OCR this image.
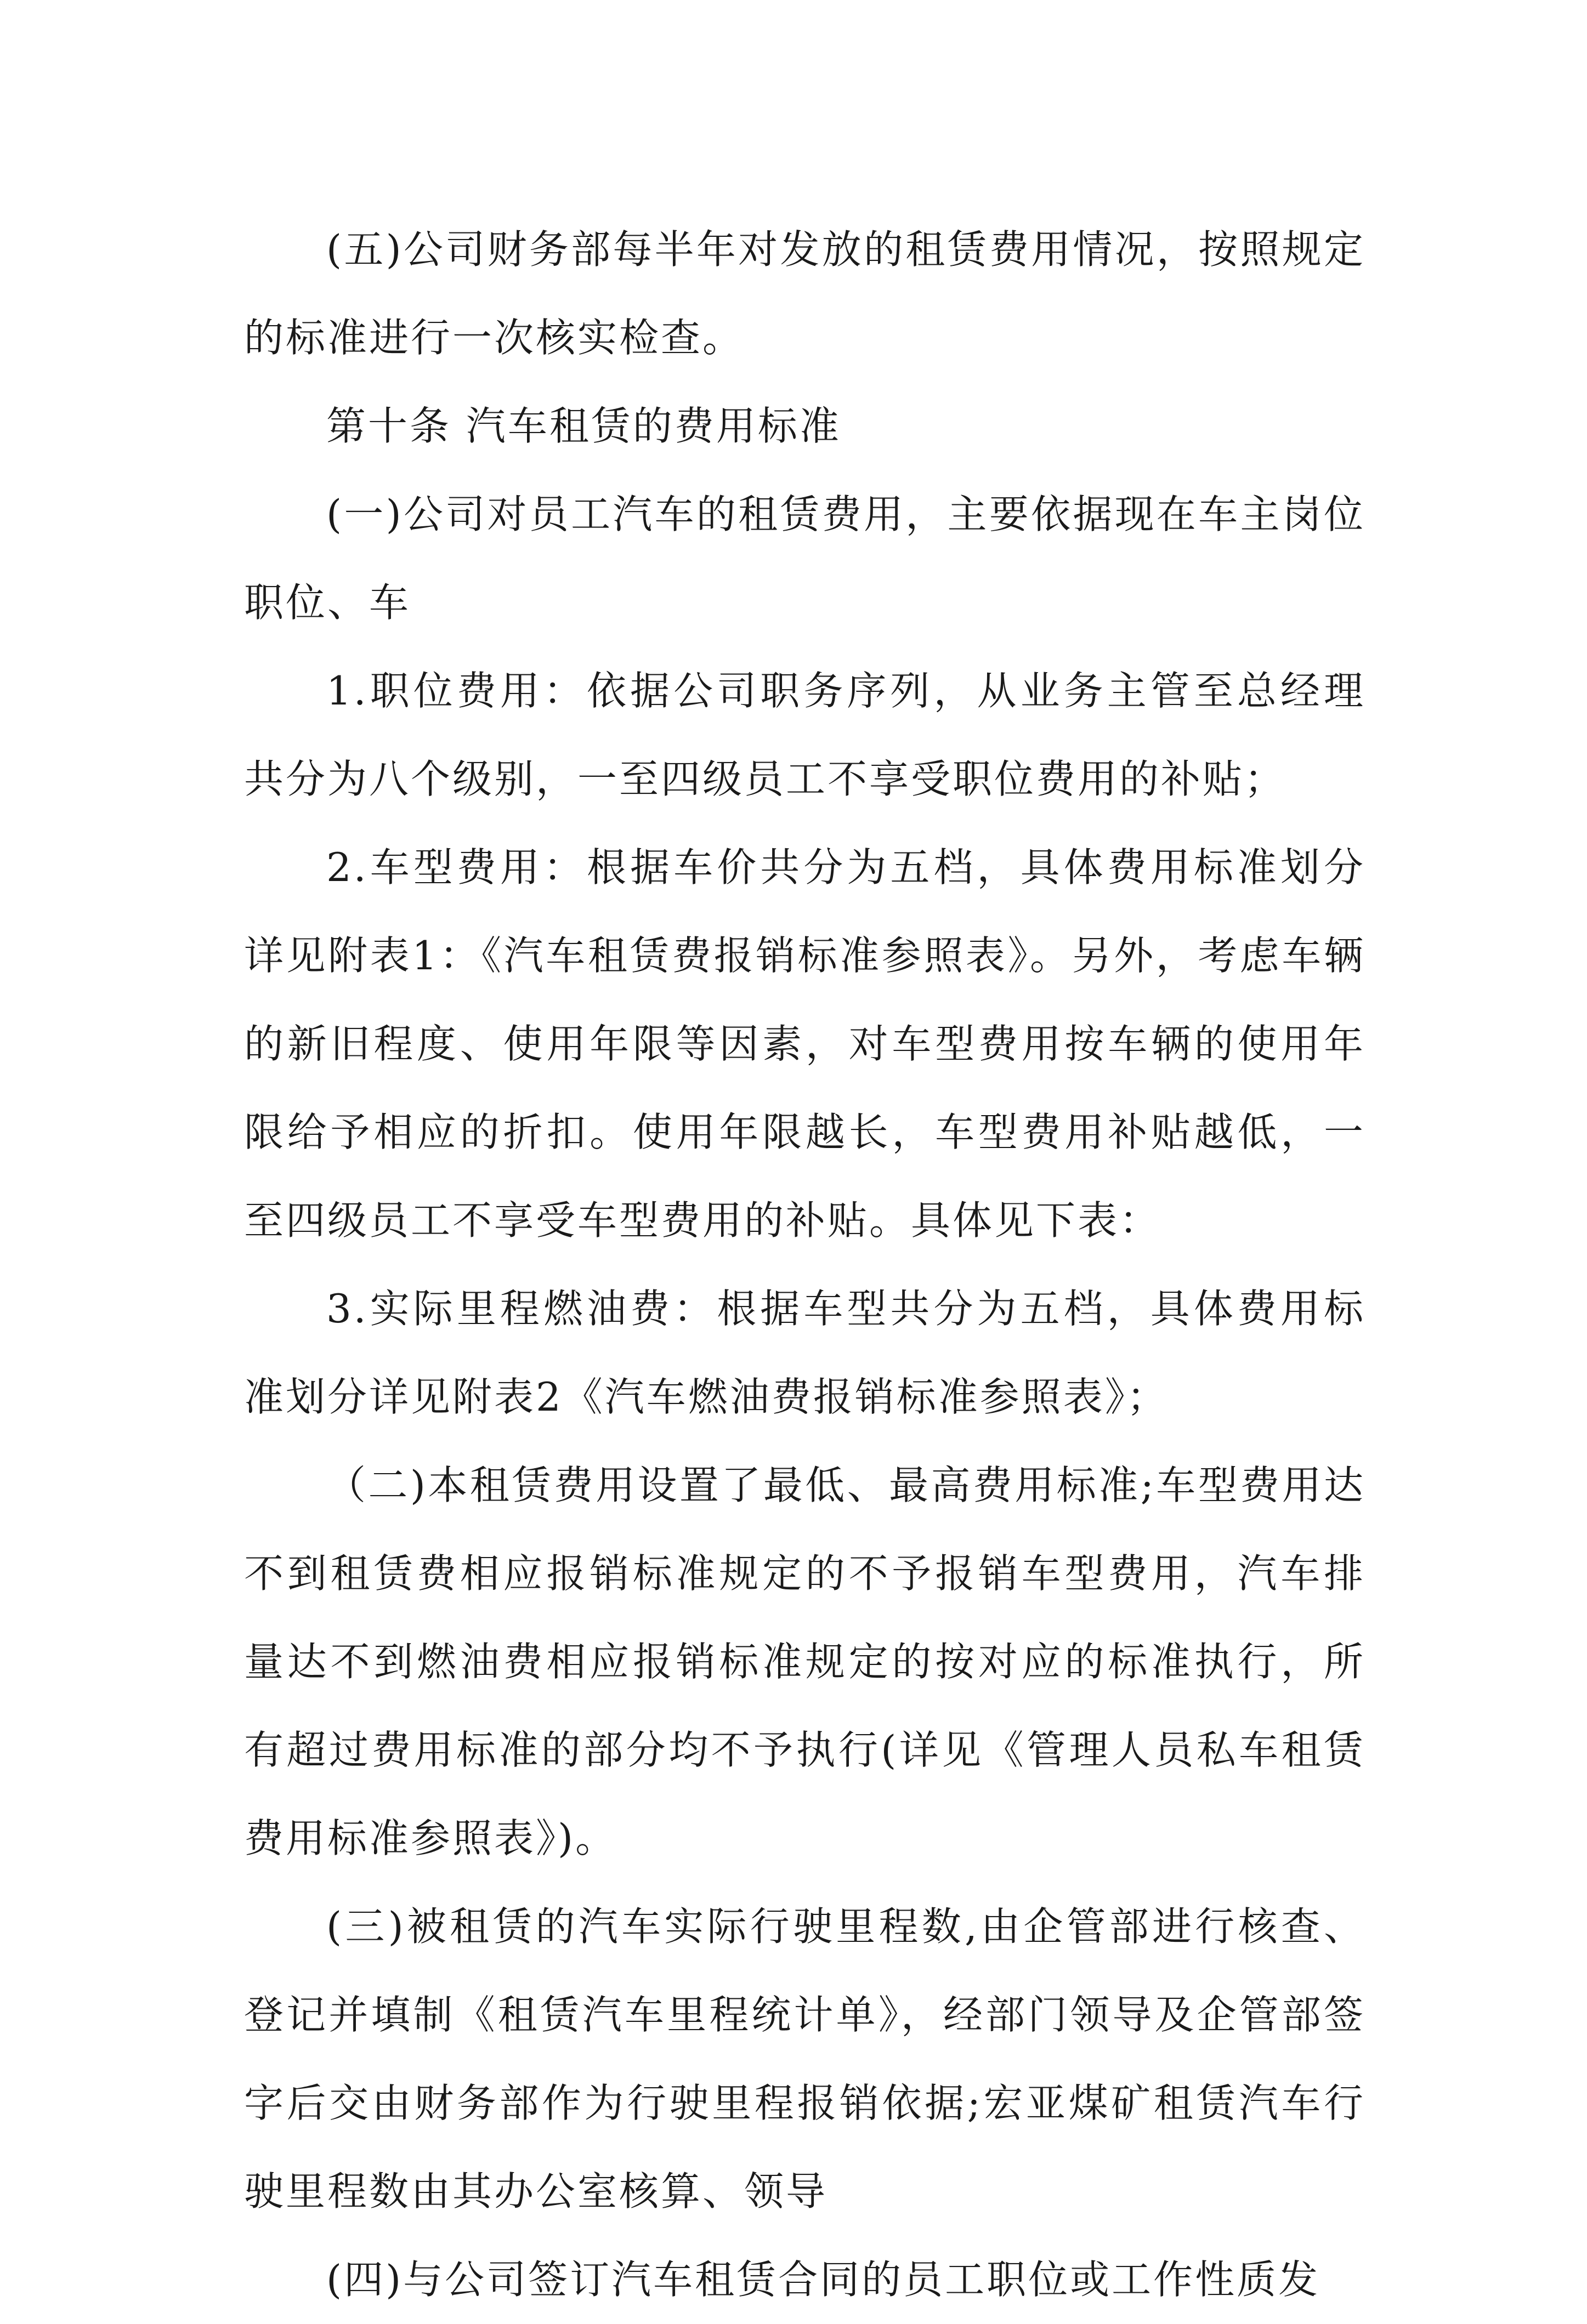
(五)公司财务部每半年对发放的租赁费用情况，按照规定的标准进行一次核实检查。

第十条 汽车租赁的费用标准

(一)公司对员工汽车的租赁费用，主要依据现在车主岗位职位、车

1.职位费用：依据公司职务序列，从业务主管至总经理共分为八个级别，一至四级员工不享受职位费用的补贴；

2.车型费用：根据车价共分为五档，具体费用标准划分详见附表1：《汽车租赁费报销标准参照表》。另外，考虑车辆的新旧程度、使用年限等因素，对车型费用按车辆的使用年限给予相应的折扣。使用年限越长，车型费用补贴越低，一至四级员工不享受车型费用的补贴。具体见下表：

3.实际里程燃油费：根据车型共分为五档，具体费用标准划分详见附表2《汽车燃油费报销标准参照表》；

（二)本租赁费用设置了最低、最高费用标准;车型费用达不到租赁费相应报销标准规定的不予报销车型费用，汽车排量达不到燃油费相应报销标准规定的按对应的标准执行，所有超过费用标准的部分均不予执行(详见《管理人员私车租赁费用标准参照表》)。

(三)被租赁的汽车实际行驶里程数,由企管部进行核查、登记并填制《租赁汽车里程统计单》，经部门领导及企管部签字后交由财务部作为行驶里程报销依据;宏亚煤矿租赁汽车行驶里程数由其办公室核算、领导

(四)与公司签订汽车租赁合同的员工职位或工作性质发
